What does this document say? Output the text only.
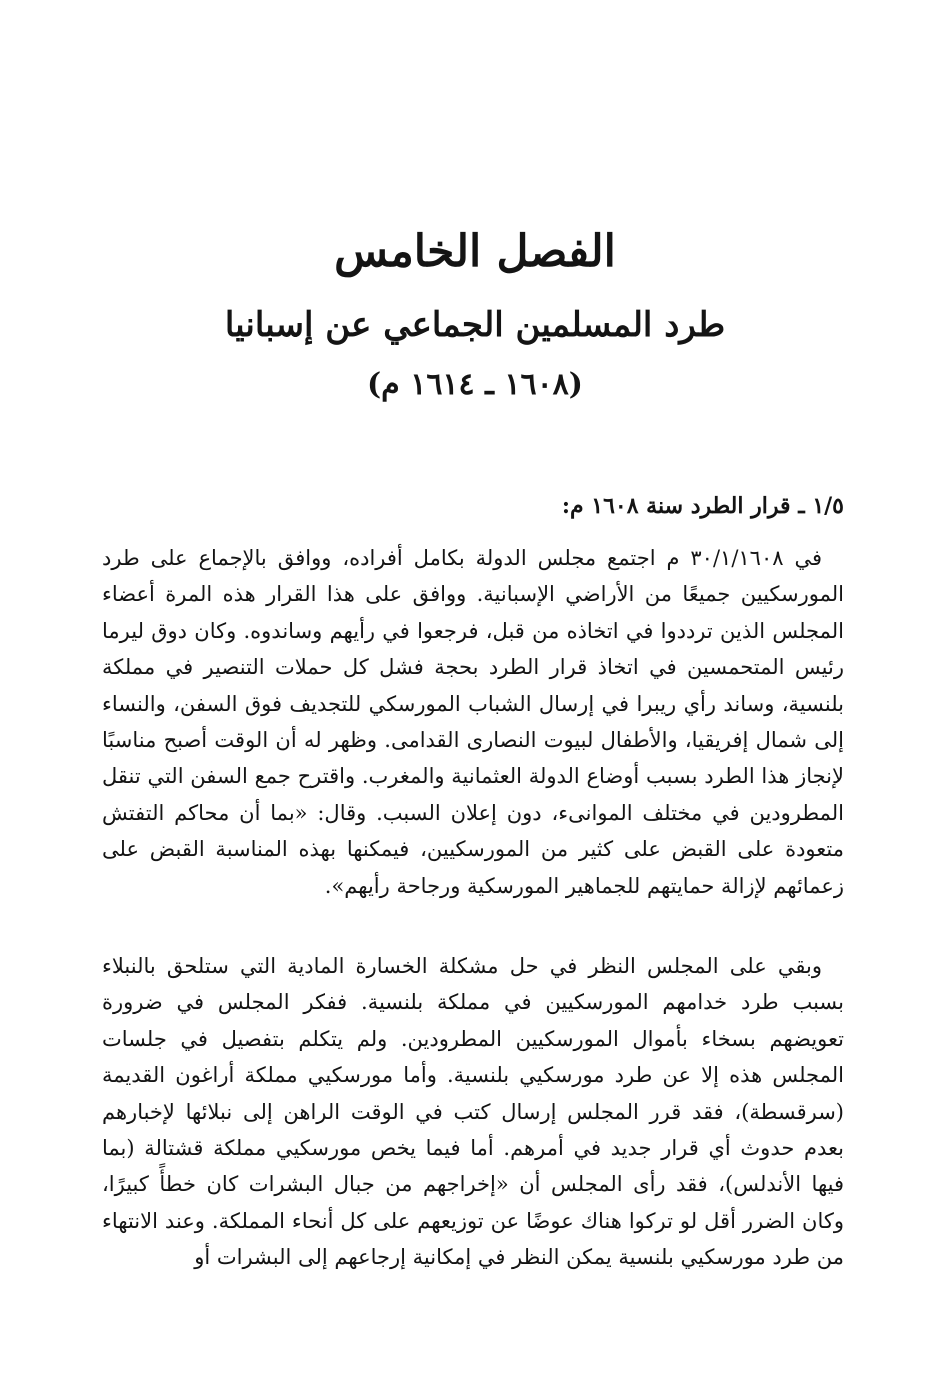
الفصل الخامس
طرد المسلمين الجماعي عن إسبانيا
(١٦٠٨ ـ ١٦١٤ م)
١/٥ ـ قرار الطرد سنة ١٦٠٨ م:

في ٣٠/١/١٦٠٨ م اجتمع مجلس الدولة بكامل أفراده، ووافق بالإجماع على طرد المورسكيين جميعًا من الأراضي الإسبانية. ووافق على هذا القرار هذه المرة أعضاء المجلس الذين ترددوا في اتخاذه من قبل، فرجعوا في رأيهم وساندوه. وكان دوق ليرما رئيس المتحمسين في اتخاذ قرار الطرد بحجة فشل كل حملات التنصير في مملكة بلنسية، وساند رأي ريبرا في إرسال الشباب المورسكي للتجديف فوق السفن، والنساء إلى شمال إفريقيا، والأطفال لبيوت النصارى القدامى. وظهر له أن الوقت أصبح مناسبًا لإنجاز هذا الطرد بسبب أوضاع الدولة العثمانية والمغرب. واقترح جمع السفن التي تنقل المطرودين في مختلف الموانىء، دون إعلان السبب. وقال: «بما أن محاكم التفتش متعودة على القبض على كثير من المورسكيين، فيمكنها بهذه المناسبة القبض على زعمائهم لإزالة حمايتهم للجماهير المورسكية ورجاحة رأيهم».

وبقي على المجلس النظر في حل مشكلة الخسارة المادية التي ستلحق بالنبلاء بسبب طرد خدامهم المورسكيين في مملكة بلنسية. ففكر المجلس في ضرورة تعويضهم بسخاء بأموال المورسكيين المطرودين. ولم يتكلم بتفصيل في جلسات المجلس هذه إلا عن طرد مورسكيي بلنسية. وأما مورسكيي مملكة أراغون القديمة (سرقسطة)، فقد قرر المجلس إرسال كتب في الوقت الراهن إلى نبلائها لإخبارهم بعدم حدوث أي قرار جديد في أمرهم. أما فيما يخص مورسكيي مملكة قشتالة (بما فيها الأندلس)، فقد رأى المجلس أن «إخراجهم من جبال البشرات كان خطأً كبيرًا، وكان الضرر أقل لو تركوا هناك عوضًا عن توزيعهم على كل أنحاء المملكة. وعند الانتهاء من طرد مورسكيي بلنسية يمكن النظر في إمكانية إرجاعهم إلى البشرات أو
